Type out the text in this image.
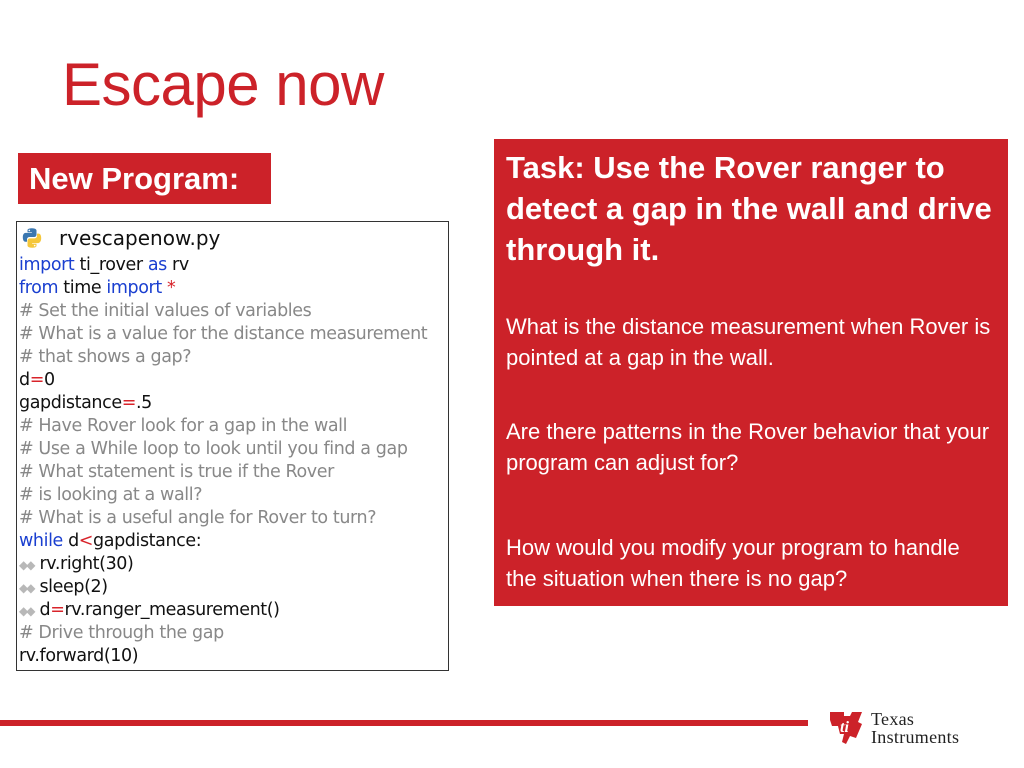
Escape now
New Program:
rvescapenow.py
import ti_rover as rv
from time import *
# Set the initial values of variables
# What is a value for the distance measurement
# that shows a gap?
d=0
gapdistance=.5
# Have Rover look for a gap in the wall
# Use a While loop to look until you find a gap
# What statement is true if the Rover
# is looking at a wall?
# What is a useful angle for Rover to turn?
while d<gapdistance:
◆◆ rv.right(30)
◆◆ sleep(2)
◆◆ d=rv.ranger_measurement()
# Drive through the gap
rv.forward(10)

Task: Use the Rover ranger to detect a gap in the wall and drive through it.

What is the distance measurement when Rover is pointed at a gap in the wall.
Are there patterns in the Rover behavior that your program can adjust for?
How would you modify your program to handle the situation when there is no gap?
ti Texas
Instruments
